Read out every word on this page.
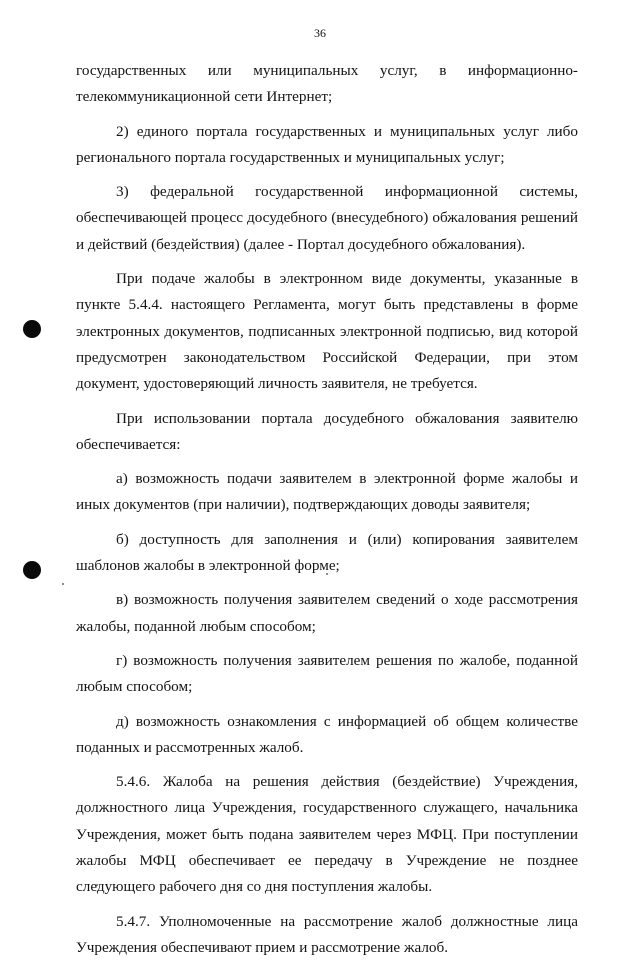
36

государственных или муниципальных услуг, в информационно-телекоммуникационной сети Интернет;

2) единого портала государственных и муниципальных услуг либо регионального портала государственных и муниципальных услуг;

3) федеральной государственной информационной системы, обеспечивающей процесс досудебного (внесудебного) обжалования решений и действий (бездействия) (далее - Портал досудебного обжалования).

При подаче жалобы в электронном виде документы, указанные в пункте 5.4.4. настоящего Регламента, могут быть представлены в форме электронных документов, подписанных электронной подписью, вид которой предусмотрен законодательством Российской Федерации, при этом документ, удостоверяющий личность заявителя, не требуется.

При использовании портала досудебного обжалования заявителю обеспечивается:

а) возможность подачи заявителем в электронной форме жалобы и иных документов (при наличии), подтверждающих доводы заявителя;

б) доступность для заполнения и (или) копирования заявителем шаблонов жалобы в электронной форме;

в) возможность получения заявителем сведений о ходе рассмотрения жалобы, поданной любым способом;

г) возможность получения заявителем решения по жалобе, поданной любым способом;

д) возможность ознакомления с информацией об общем количестве поданных и рассмотренных жалоб.

5.4.6. Жалоба на решения действия (бездействие) Учреждения, должностного лица Учреждения, государственного служащего, начальника Учреждения, может быть подана заявителем через МФЦ. При поступлении жалобы МФЦ обеспечивает ее передачу в Учреждение не позднее следующего рабочего дня со дня поступления жалобы.

5.4.7. Уполномоченные на рассмотрение жалоб должностные лица Учреждения обеспечивают прием и рассмотрение жалоб.
